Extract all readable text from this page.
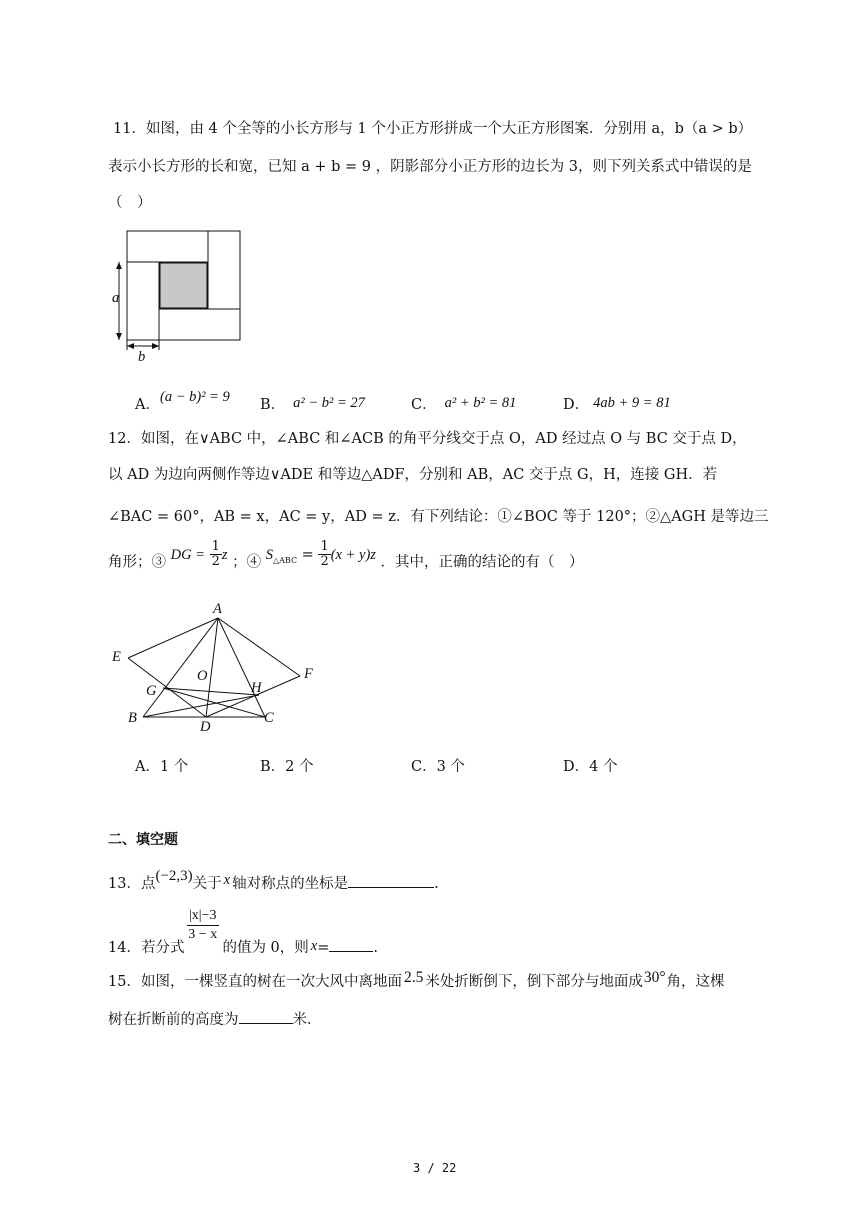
11．如图，由 4 个全等的小长方形与 1 个小正方形拼成一个大正方形图案．分别用 a，b（a > b）
表示小长方形的长和宽，已知 a + b = 9 ，阴影部分小正方形的边长为 3，则下列关系式中错误的是
（　）
a
b
A．(a − b)² = 9 B． a² − b² = 27	C． a² + b² = 81	D． 4ab + 9 = 81
12．如图，在∨ABC 中，∠ABC 和∠ACB 的角平分线交于点 O，AD 经过点 O 与 BC 交于点 D，
以 AD 为边向两侧作等边∨ADE 和等边△ADF，分别和 AB，AC 交于点 G，H，连接 GH．若
∠BAC = 60°，AB = x，AC = y，AD = z．有下列结论：①∠BOC 等于 120°；②△AGH 是等边三
角形；③ DG = $\frac{1}{2}$ z ；④ $S^{\triangle ABC} = \frac{1}{2} (x + y)z$ ．其中，正确的结论的有（　）
A
E
F
O
G	H
B
D
C
A．1 个	B．2 个	C．3 个	D．4 个
二、填空题
13．点(−2,3)关于 x 轴对称点的坐标是	.
$\frac{|x|-3}{3 - x}$
14．若分式	的值为 0，则 x=	.
15．如图，一棵竖直的树在一次大风中离地面 2.5 米处折断倒下，倒下部分与地面成30°角，这棵
树在折断前的高度为	米．
3 / 22
